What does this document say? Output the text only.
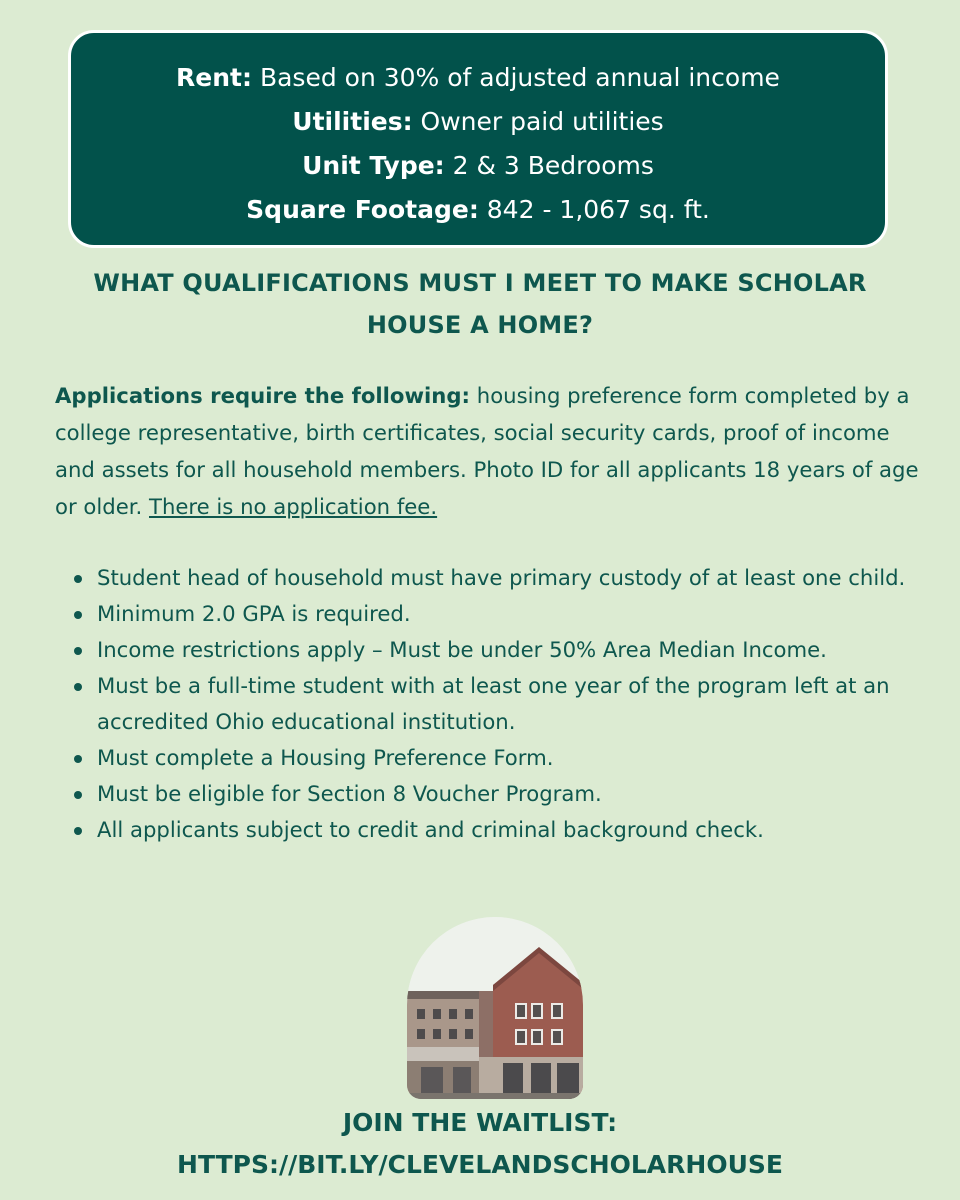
Rent: Based on 30% of adjusted annual income
Utilities: Owner paid utilities
Unit Type: 2 & 3 Bedrooms
Square Footage: 842 - 1,067 sq. ft.
WHAT QUALIFICATIONS MUST I MEET TO MAKE SCHOLAR
HOUSE A HOME?
Applications require the following: housing preference form completed by a college representative, birth certificates, social security cards, proof of income and assets for all household members. Photo ID for all applicants 18 years of age or older. There is no application fee.
Student head of household must have primary custody of at least one child.
Minimum 2.0 GPA is required.
Income restrictions apply – Must be under 50% Area Median Income.
Must be a full-time student with at least one year of the program left at an accredited Ohio educational institution.
Must complete a Housing Preference Form.
Must be eligible for Section 8 Voucher Program.
All applicants subject to credit and criminal background check.
JOIN THE WAITLIST:
HTTPS://BIT.LY/CLEVELANDSCHOLARHOUSE
